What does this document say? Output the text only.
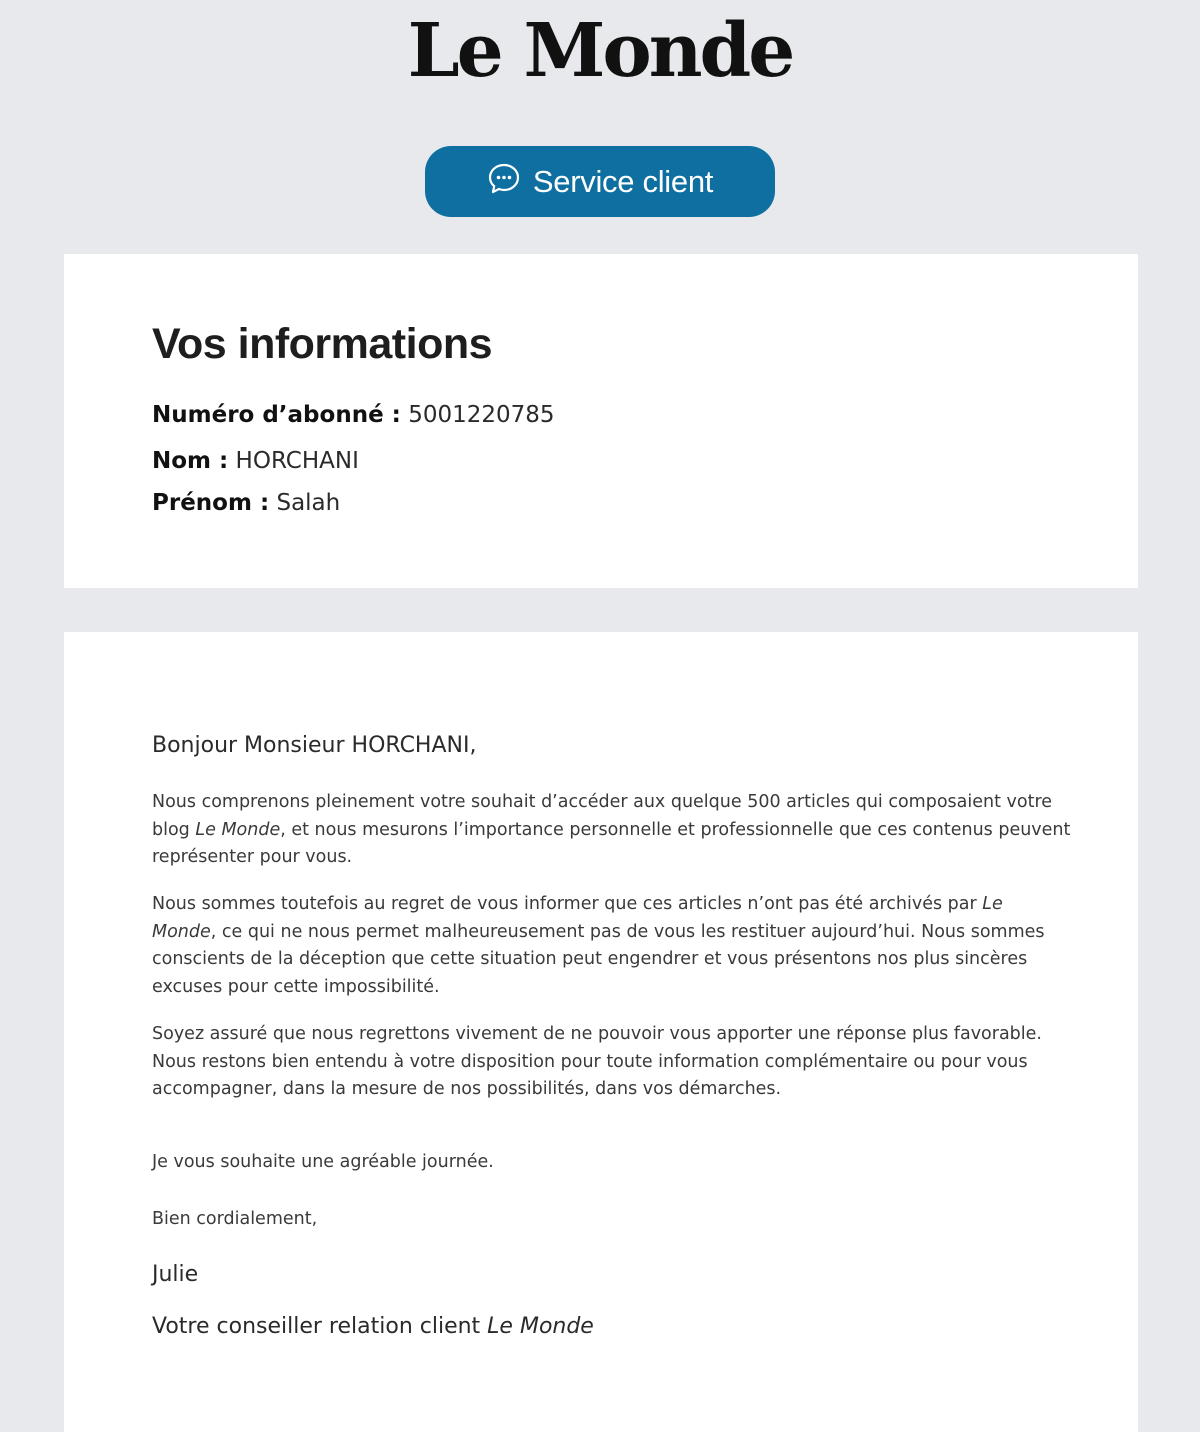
Le Monde
Service client
Vos informations
Numéro d’abonné : 5001220785
Nom : HORCHANI
Prénom : Salah
Bonjour Monsieur HORCHANI,

Nous comprenons pleinement votre souhait d’accéder aux quelque 500 articles qui composaient votre blog Le Monde, et nous mesurons l’importance personnelle et professionnelle que ces contenus peuvent représenter pour vous.

Nous sommes toutefois au regret de vous informer que ces articles n’ont pas été archivés par Le Monde, ce qui ne nous permet malheureusement pas de vous les restituer aujourd’hui. Nous sommes conscients de la déception que cette situation peut engendrer et vous présentons nos plus sincères excuses pour cette impossibilité.

Soyez assuré que nous regrettons vivement de ne pouvoir vous apporter une réponse plus favorable. Nous restons bien entendu à votre disposition pour toute information complémentaire ou pour vous accompagner, dans la mesure de nos possibilités, dans vos démarches.

Je vous souhaite une agréable journée.

Bien cordialement,

Julie
Votre conseiller relation client Le Monde
